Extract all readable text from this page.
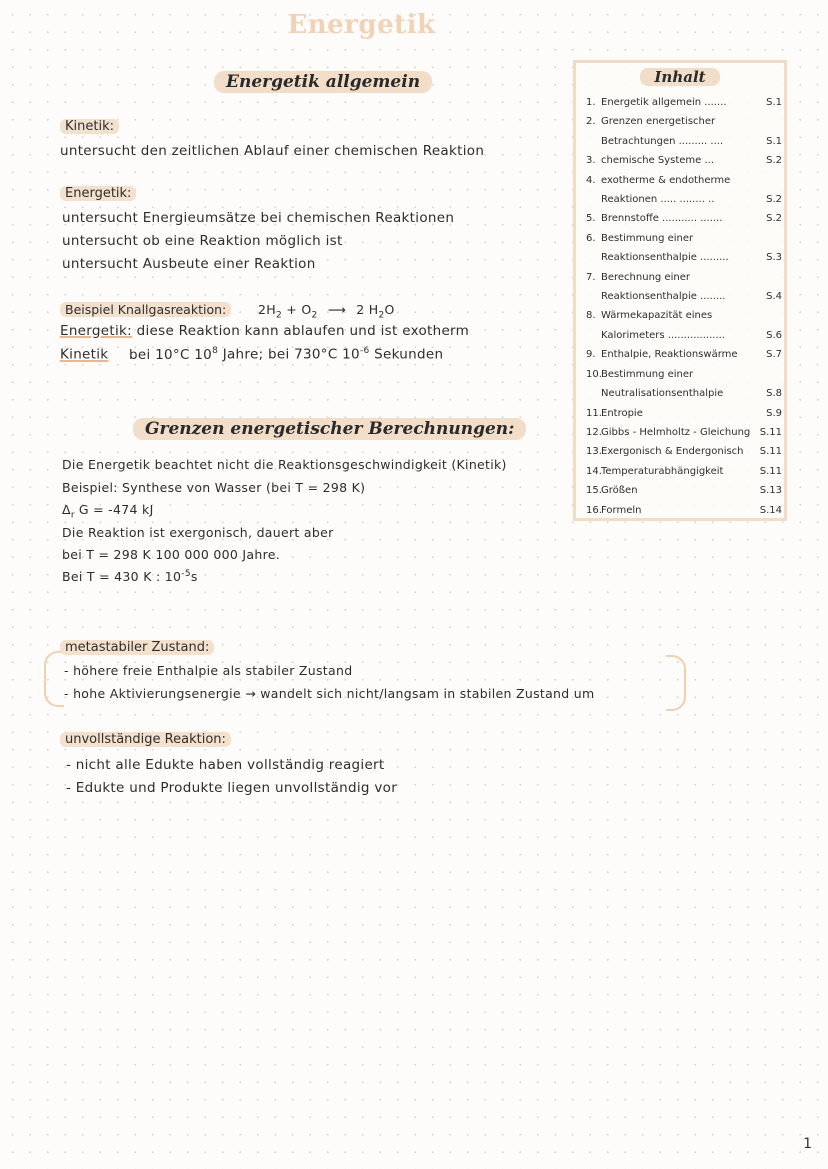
Energetik
Energetik allgemein
Kinetik:
untersucht den zeitlichen Ablauf einer chemischen Reaktion
Energetik:
untersucht Energieumsätze bei chemischen Reaktionen
untersucht ob eine Reaktion möglich ist
untersucht Ausbeute einer Reaktion
Beispiel Knallgasreaktion:	$2H_2 + O_2$ ⟶ 2 $H_2O$
Energetik: diese Reaktion kann ablaufen und ist exotherm
Kinetik bei 10°C $10^8$ Jahre; bei 730°C $10^{-6}$ Sekunden
Grenzen energetischer Berechnungen:
Die Energetik beachtet nicht die Reaktionsgeschwindigkeit (Kinetik)
Beispiel: Synthese von Wasser (bei T = 298 K)
$\Delta_r$ G = -474 kJ
Die Reaktion ist exergonisch, dauert aber
bei T = 298 K 100 000 000 Jahre.
Bei T = 430 K : $10^{-5}s$
metastabiler Zustand:
- höhere freie Enthalpie als stabiler Zustand
- hohe Aktivierungsenergie → wandelt sich nicht/langsam in stabilen Zustand um
unvollständige Reaktion:
- nicht alle Edukte haben vollständig reagiert
- Edukte und Produkte liegen unvollständig vor
Inhalt
1. Energetik allgemein .......	S.1
2. Grenzen energetischer
Betrachtungen ......... ....	S.1
3. chemische Systeme ...	S.2
4. exotherme & endotherme
Reaktionen ..... ........ ..	S.2
5. Brennstoffe ........... .......	S.2
6. Bestimmung einer
Reaktionsenthalpie .........	S.3
7. Berechnung einer
Reaktionsenthalpie ........	S.4
8. Wärmekapazität eines
Kalorimeters ..................	S.6
9. Enthalpie, Reaktionswärme	S.7
10.Bestimmung einer
Neutralisationsenthalpie	S.8
11.Entropie	S.9
12.Gibbs - Helmholtz - Gleichung S.11
13.Exergonisch & Endergonisch S.11
14.Temperaturabhängigkeit	S.11
15.Größen	S.13
16.Formeln	S.14
1
